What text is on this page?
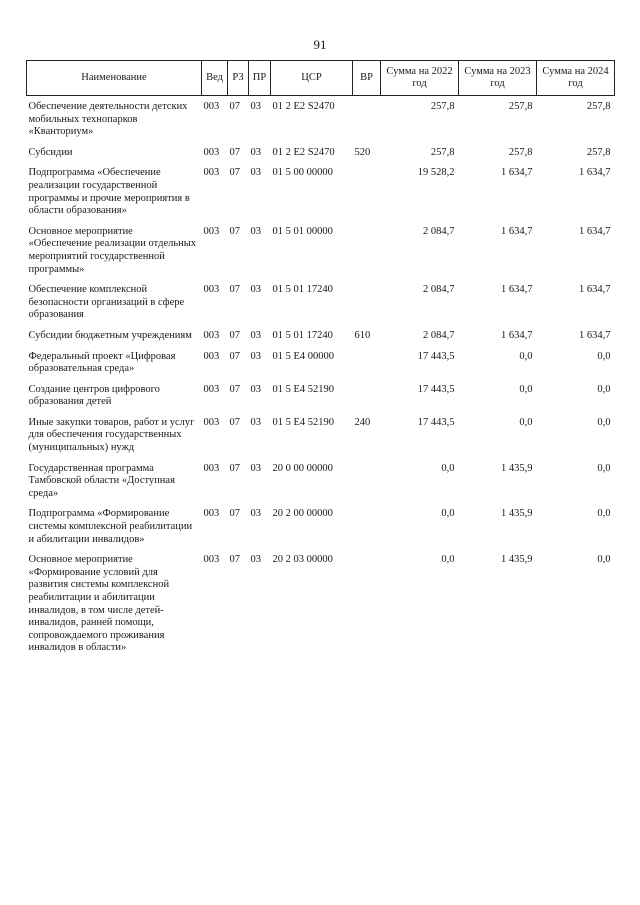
91
Наименование	Вед	РЗ	ПР	ЦСР	ВР	Сумма на 2022 год	Сумма на 2023 год	Сумма на 2024 год
Обеспечение деятельности детских мобильных технопарков «Кванториум»	003	07	03	01 2 E2 S2470		257,8	257,8	257,8
Субсидии	003	07	03	01 2 E2 S2470	520	257,8	257,8	257,8
Подпрограмма «Обеспечение реализации государственной программы и прочие мероприятия в области образования»	003	07	03	01 5 00 00000		19 528,2	1 634,7	1 634,7
Основное мероприятие «Обеспечение реализации отдельных мероприятий государственной программы»	003	07	03	01 5 01 00000		2 084,7	1 634,7	1 634,7
Обеспечение комплексной безопасности организаций в сфере образования	003	07	03	01 5 01 17240		2 084,7	1 634,7	1 634,7
Субсидии бюджетным учреждениям	003	07	03	01 5 01 17240	610	2 084,7	1 634,7	1 634,7
Федеральный проект «Цифровая образовательная среда»	003	07	03	01 5 E4 00000		17 443,5	0,0	0,0
Создание центров цифрового образования детей	003	07	03	01 5 E4 52190		17 443,5	0,0	0,0
Иные закупки товаров, работ и услуг для обеспечения государственных (муниципальных) нужд	003	07	03	01 5 E4 52190	240	17 443,5	0,0	0,0
Государственная программа Тамбовской области «Доступная среда»	003	07	03	20 0 00 00000		0,0	1 435,9	0,0
Подпрограмма «Формирование системы комплексной реабилитации и абилитации инвалидов»	003	07	03	20 2 00 00000		0,0	1 435,9	0,0
Основное мероприятие «Формирование условий для развития системы комплексной реабилитации и абилитации инвалидов, в том числе детей-инвалидов, ранней помощи, сопровождаемого проживания инвалидов в области»	003	07	03	20 2 03 00000		0,0	1 435,9	0,0
